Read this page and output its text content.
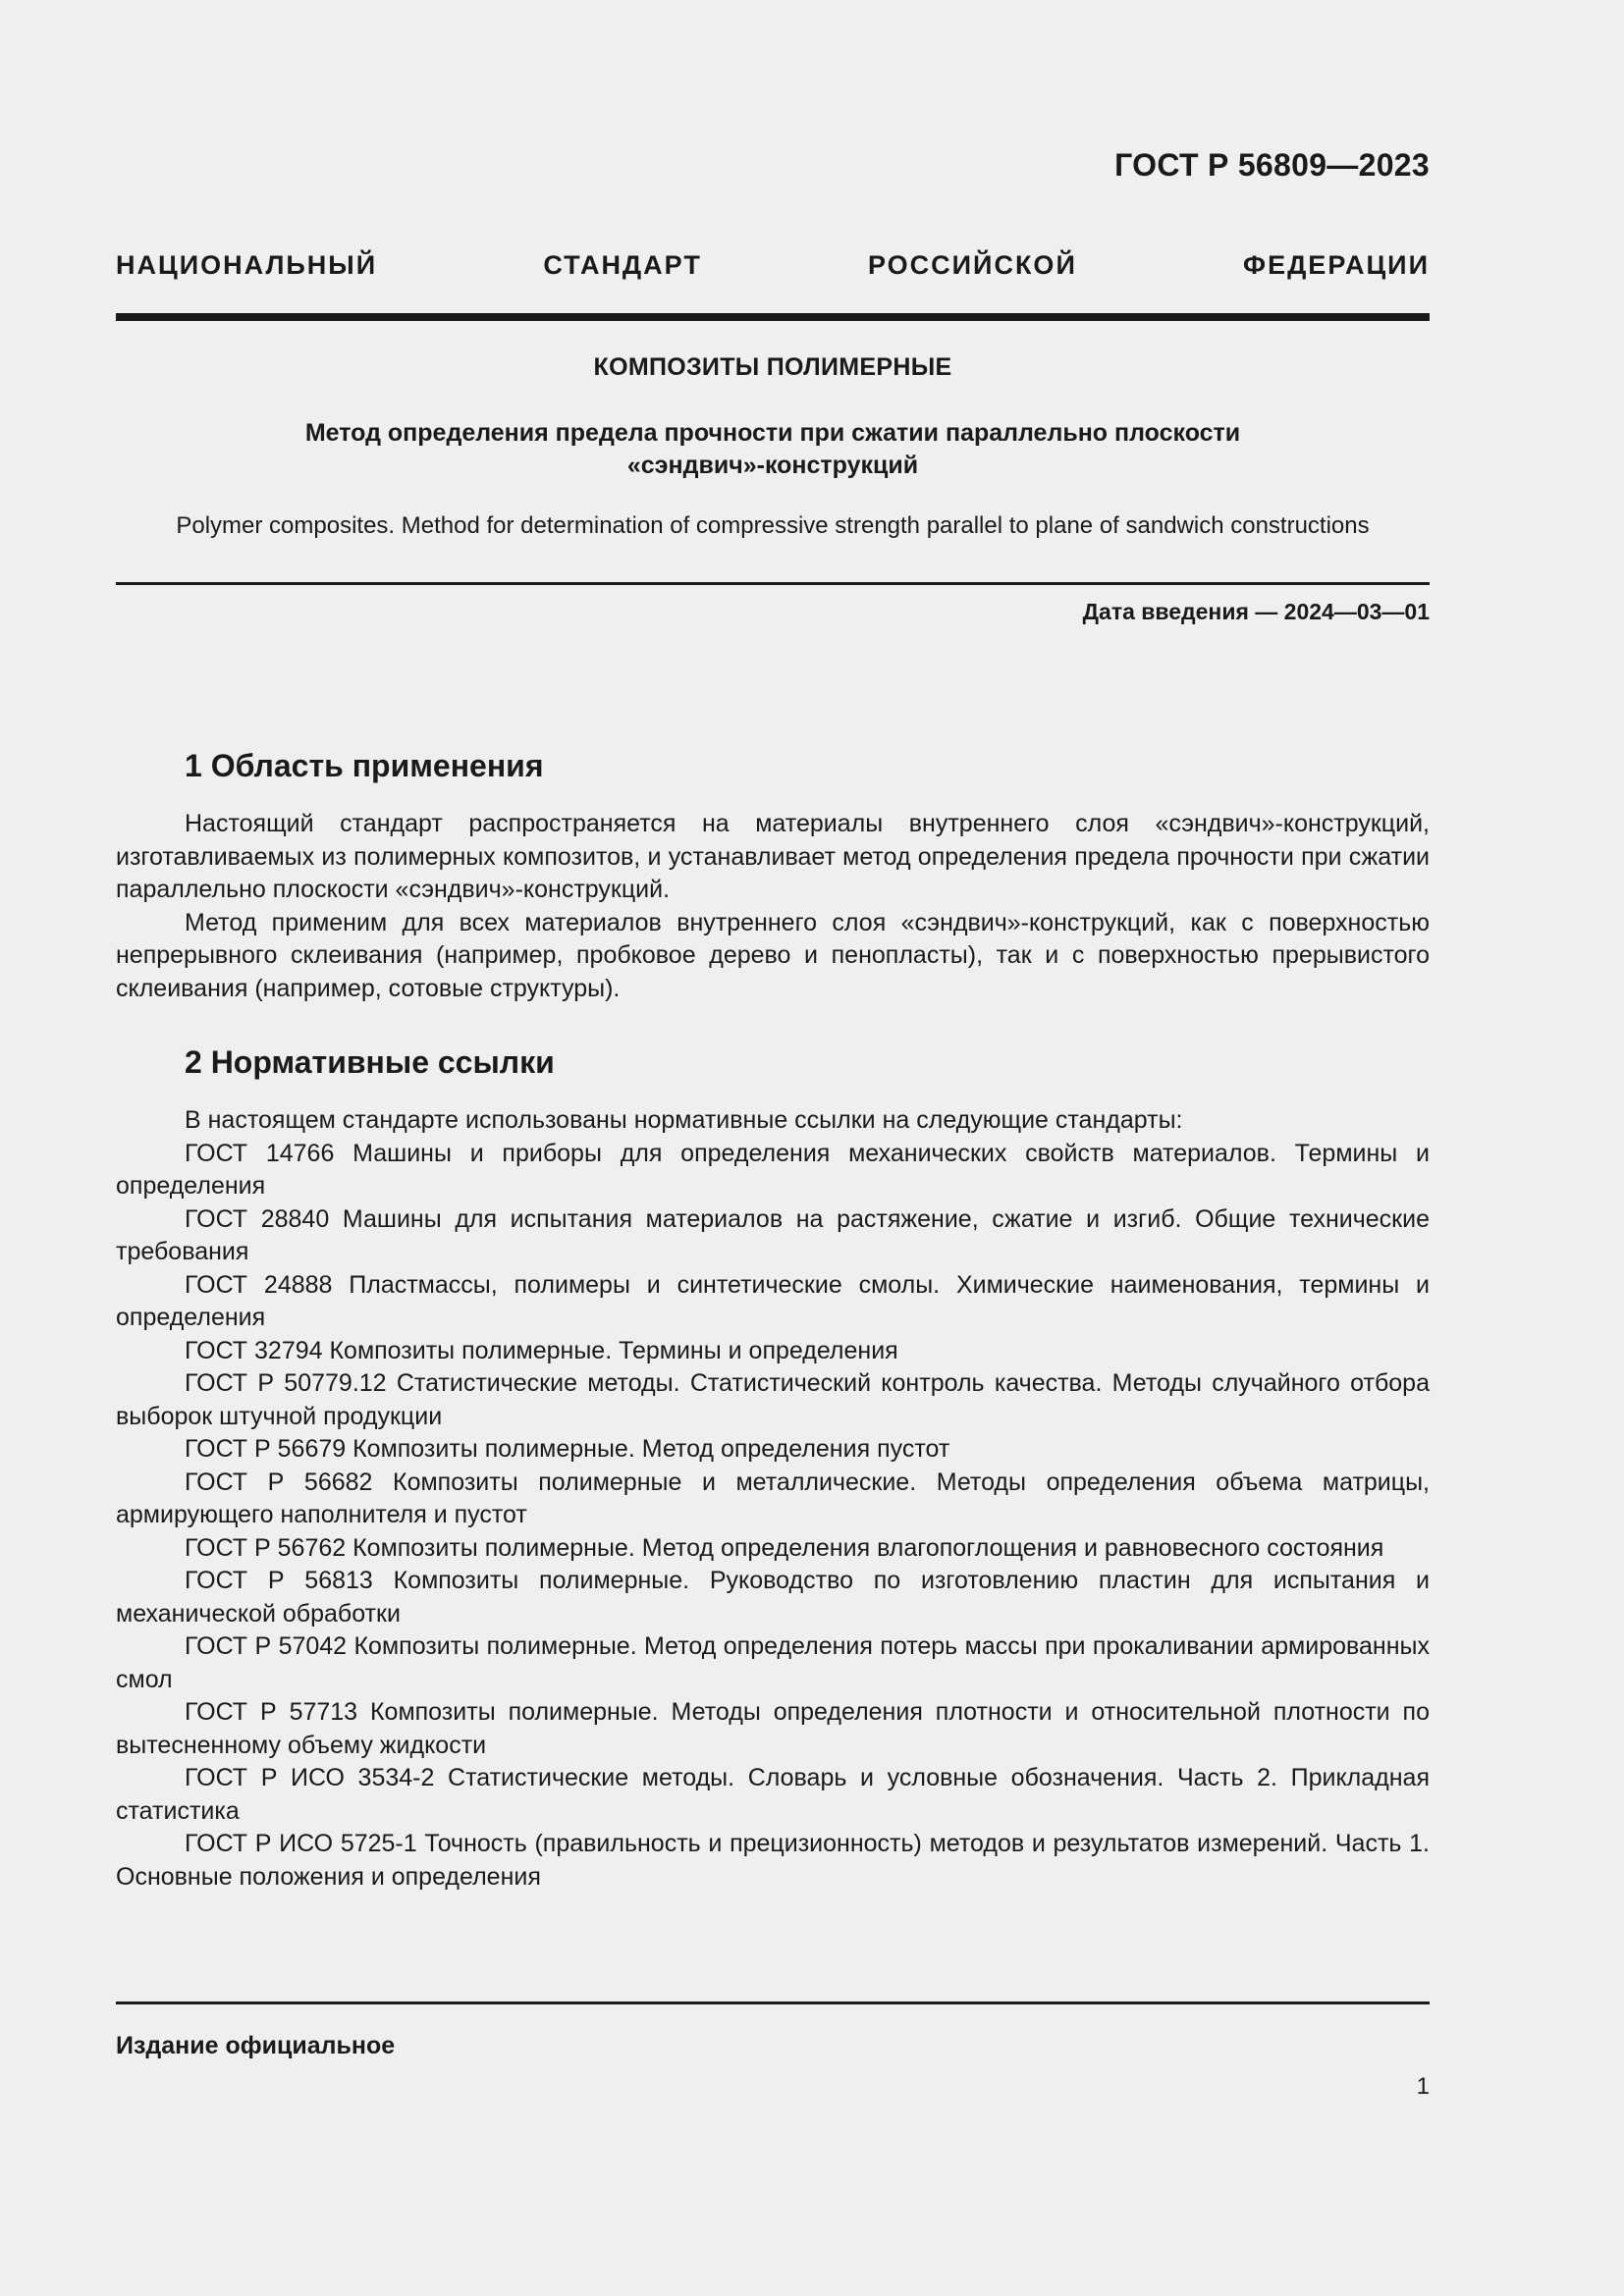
ГОСТ Р 56809—2023
НАЦИОНАЛЬНЫЙ СТАНДАРТ РОССИЙСКОЙ ФЕДЕРАЦИИ
КОМПОЗИТЫ ПОЛИМЕРНЫЕ
Метод определения предела прочности при сжатии параллельно плоскости
«сэндвич»-конструкций
Polymer composites. Method for determination of compressive strength parallel to plane of sandwich constructions
Дата введения — 2024—03—01
1 Область применения

Настоящий стандарт распространяется на материалы внутреннего слоя «сэндвич»-конструкций, изготавливаемых из полимерных композитов, и устанавливает метод определения предела прочности при сжатии параллельно плоскости «сэндвич»-конструкций.

Метод применим для всех материалов внутреннего слоя «сэндвич»-конструкций, как с поверхностью непрерывного склеивания (например, пробковое дерево и пенопласты), так и с поверхностью прерывистого склеивания (например, сотовые структуры).

2 Нормативные ссылки

В настоящем стандарте использованы нормативные ссылки на следующие стандарты:

ГОСТ 14766 Машины и приборы для определения механических свойств материалов. Термины и определения

ГОСТ 28840 Машины для испытания материалов на растяжение, сжатие и изгиб. Общие технические требования

ГОСТ 24888 Пластмассы, полимеры и синтетические смолы. Химические наименования, термины и определения

ГОСТ 32794 Композиты полимерные. Термины и определения

ГОСТ Р 50779.12 Статистические методы. Статистический контроль качества. Методы случайного отбора выборок штучной продукции

ГОСТ Р 56679 Композиты полимерные. Метод определения пустот

ГОСТ Р 56682 Композиты полимерные и металлические. Методы определения объема матрицы, армирующего наполнителя и пустот

ГОСТ Р 56762 Композиты полимерные. Метод определения влагопоглощения и равновесного состояния

ГОСТ Р 56813 Композиты полимерные. Руководство по изготовлению пластин для испытания и механической обработки

ГОСТ Р 57042 Композиты полимерные. Метод определения потерь массы при прокаливании армированных смол

ГОСТ Р 57713 Композиты полимерные. Методы определения плотности и относительной плотности по вытесненному объему жидкости

ГОСТ Р ИСО 3534-2 Статистические методы. Словарь и условные обозначения. Часть 2. Прикладная статистика

ГОСТ Р ИСО 5725-1 Точность (правильность и прецизионность) методов и результатов измерений. Часть 1. Основные положения и определения

Издание официальное
1
